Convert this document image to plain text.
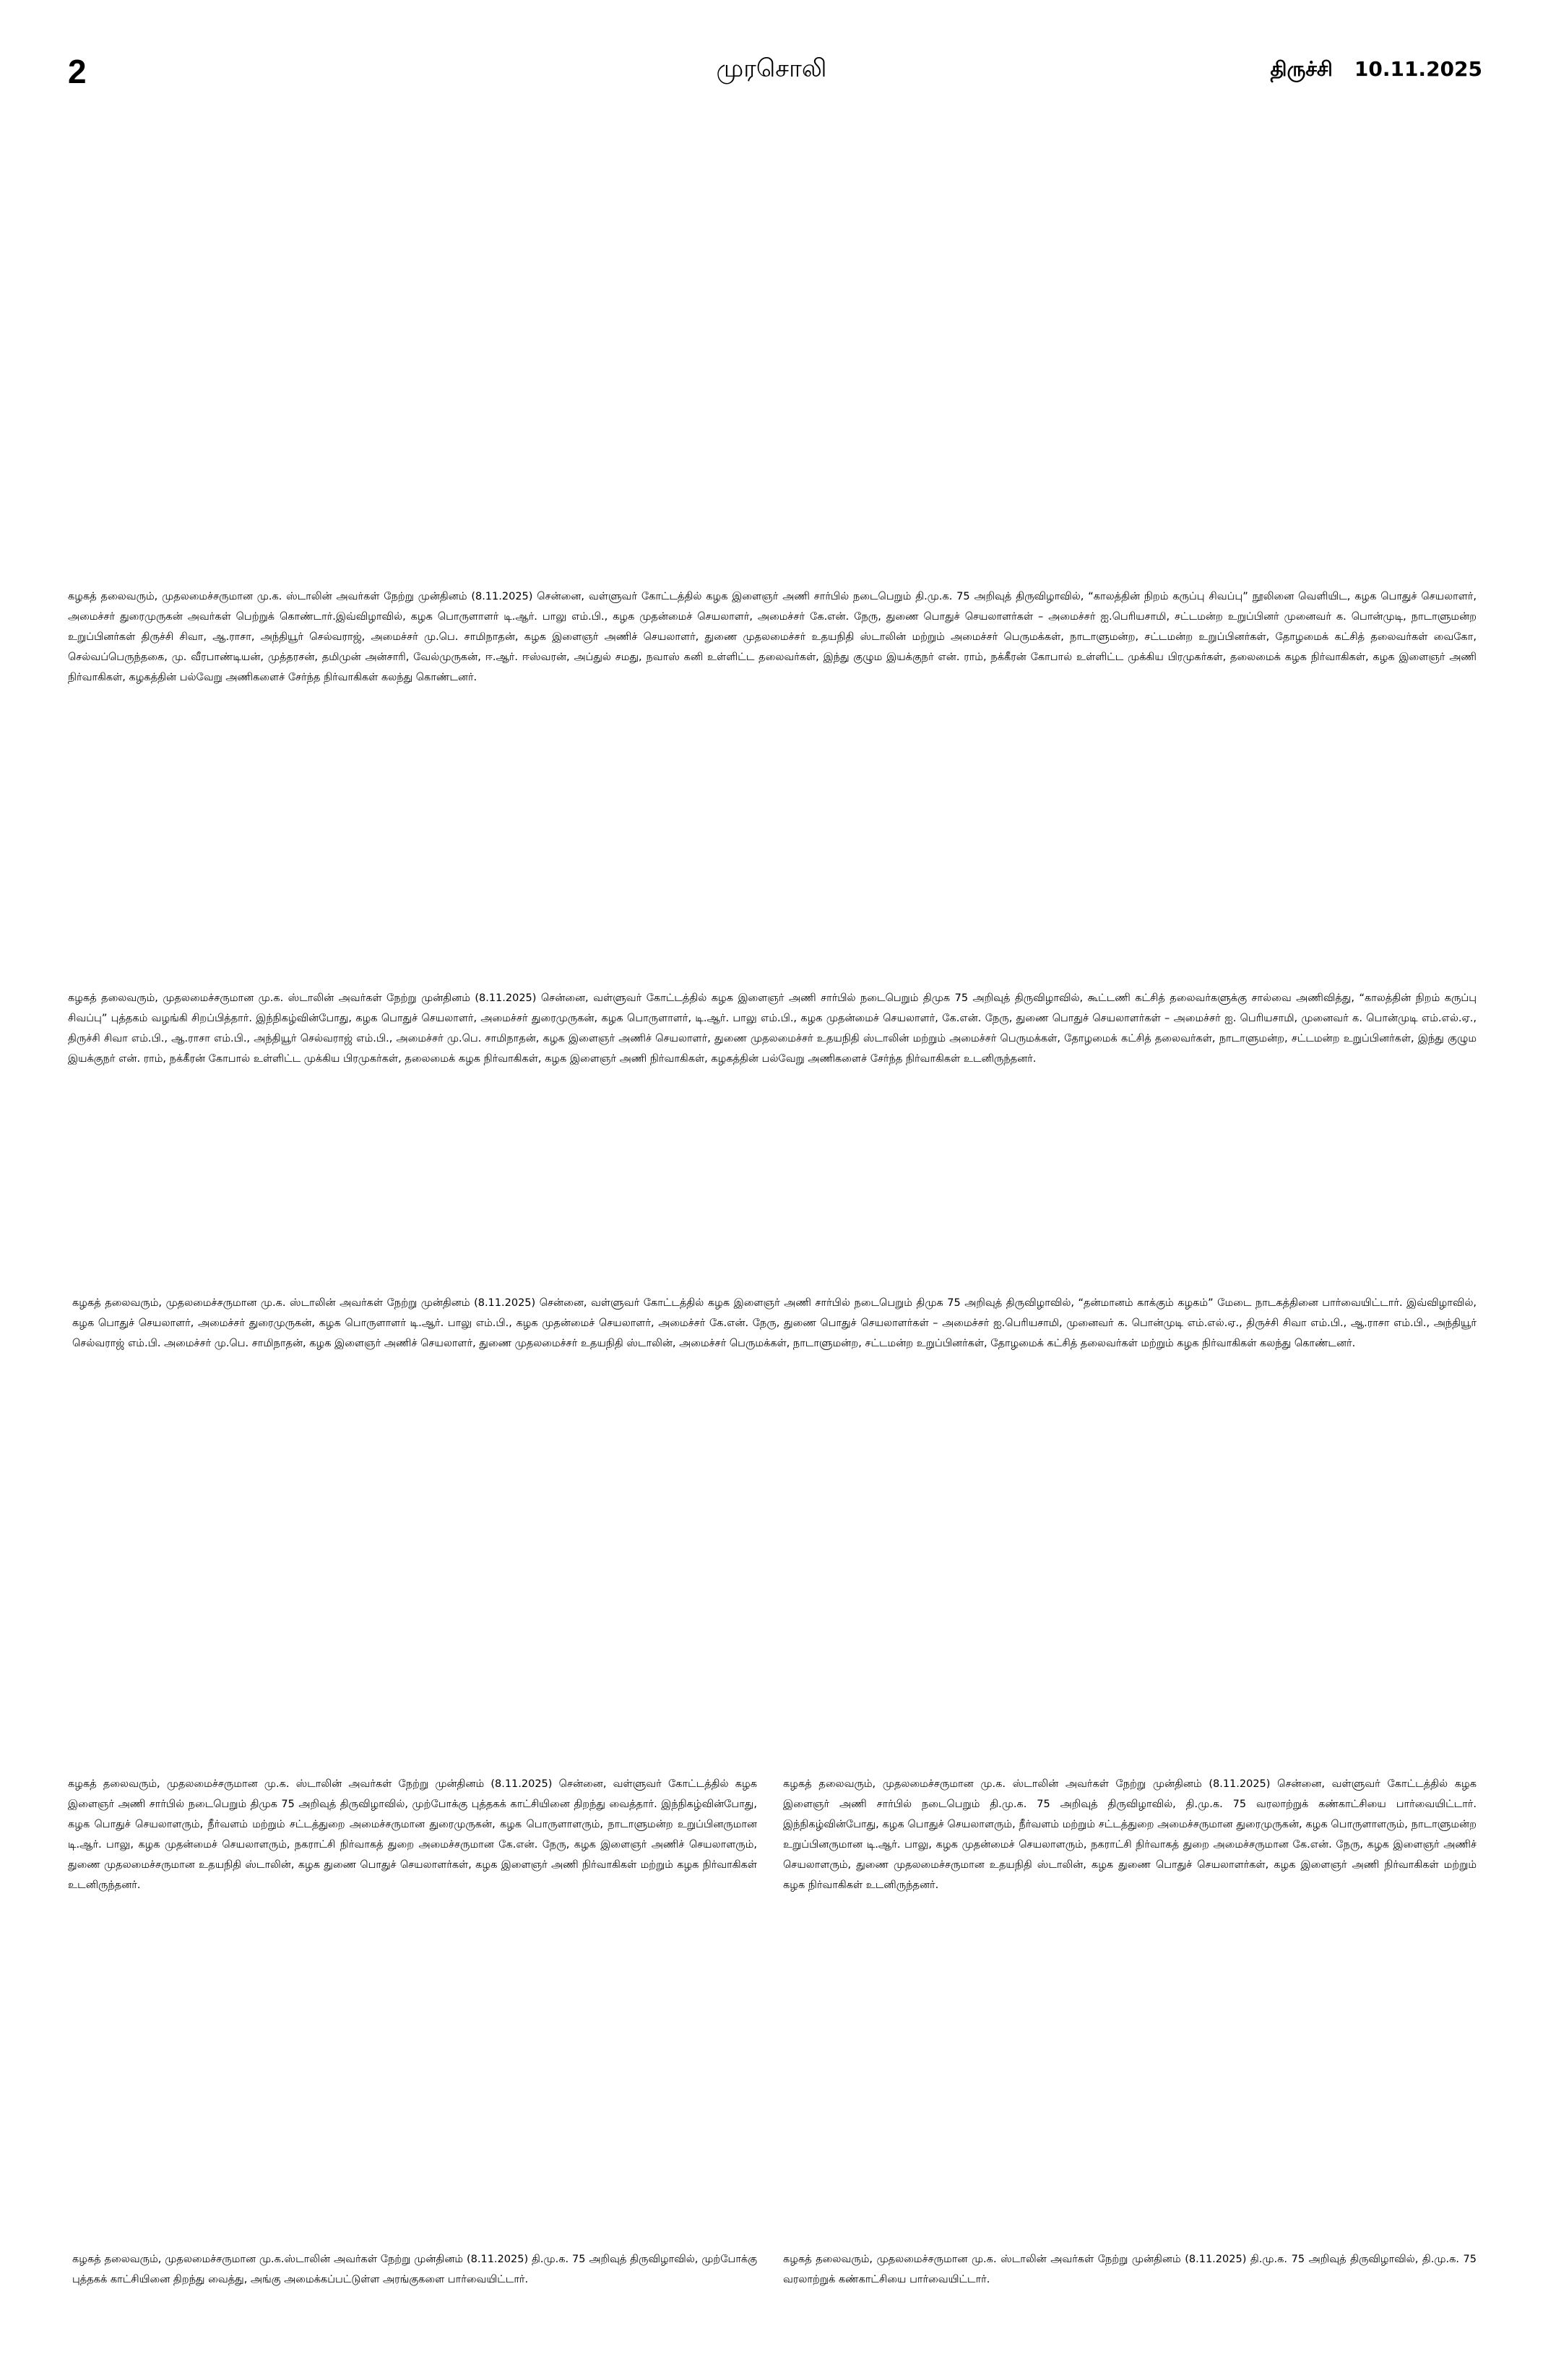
2	முரசொலி	திருச்சி 10.11.2025

கழகத் தலைவரும், முதலமைச்சருமான மு.க. ஸ்டாலின் அவர்கள் நேற்று முன்தினம் (8.11.2025) சென்னை, வள்ளுவர் கோட்டத்தில் கழக இளைஞர் அணி சார்பில் நடைபெறும் தி.மு.க. 75 அறிவுத் திருவிழாவில், “காலத்தின் நிறம் கருப்பு சிவப்பு” நூலினை வெளியிட, கழக பொதுச் செயலாளர், அமைச்சர் துரைமுருகன் அவர்கள் பெற்றுக் கொண்டார்.இவ்விழாவில், கழக பொருளாளர் டி.ஆர். பாலு எம்.பி., கழக முதன்மைச் செயலாளர், அமைச்சர் கே.என். நேரு, துணை பொதுச் செயலாளர்கள் – அமைச்சர் ஐ.பெரியசாமி, சட்டமன்ற உறுப்பினர் முனைவர் க. பொன்முடி, நாடாளுமன்ற உறுப்பினர்கள் திருச்சி சிவா, ஆ.ராசா, அந்தியூர் செல்வராஜ், அமைச்சர் மு.பெ. சாமிநாதன், கழக இளைஞர் அணிச் செயலாளர், துணை முதலமைச்சர் உதயநிதி ஸ்டாலின் மற்றும் அமைச்சர் பெருமக்கள், நாடாளுமன்ற, சட்டமன்ற உறுப்பினர்கள், தோழமைக் கட்சித் தலைவர்கள் வைகோ, செல்வப்பெருந்தகை, மு. வீரபாண்டியன், முத்தரசன், தமிமுன் அன்சாரி, வேல்முருகன், ஈ.ஆர். ஈஸ்வரன், அப்துல் சமது, நவாஸ் கனி உள்ளிட்ட தலைவர்கள், இந்து குழும இயக்குநர் என். ராம், நக்கீரன் கோபால் உள்ளிட்ட முக்கிய பிரமுகர்கள், தலைமைக் கழக நிர்வாகிகள், கழக இளைஞர் அணி நிர்வாகிகள், கழகத்தின் பல்வேறு அணிகளைச் சேர்ந்த நிர்வாகிகள் கலந்து கொண்டனர்.

கழகத் தலைவரும், முதலமைச்சருமான மு.க. ஸ்டாலின் அவர்கள் நேற்று முன்தினம் (8.11.2025) சென்னை, வள்ளுவர் கோட்டத்தில் கழக இளைஞர் அணி சார்பில் நடைபெறும் திமுக 75 அறிவுத் திருவிழாவில், கூட்டணி கட்சித் தலைவர்களுக்கு சால்வை அணிவித்து, “காலத்தின் நிறம் கருப்பு சிவப்பு” புத்தகம் வழங்கி சிறப்பித்தார். இந்நிகழ்வின்போது, கழக பொதுச் செயலாளர், அமைச்சர் துரைமுருகன், கழக பொருளாளர், டி.ஆர். பாலு எம்.பி., கழக முதன்மைச் செயலாளர், கே.என். நேரு, துணை பொதுச் செயலாளர்கள் – அமைச்சர் ஐ. பெரியசாமி, முனைவர் க. பொன்முடி எம்.எல்.ஏ., திருச்சி சிவா எம்.பி., ஆ.ராசா எம்.பி., அந்தியூர் செல்வராஜ் எம்.பி., அமைச்சர் மு.பெ. சாமிநாதன், கழக இளைஞர் அணிச் செயலாளர், துணை முதலமைச்சர் உதயநிதி ஸ்டாலின் மற்றும் அமைச்சர் பெருமக்கள், தோழமைக் கட்சித் தலைவர்கள், நாடாளுமன்ற, சட்டமன்ற உறுப்பினர்கள், இந்து குழும இயக்குநர் என். ராம், நக்கீரன் கோபால் உள்ளிட்ட முக்கிய பிரமுகர்கள், தலைமைக் கழக நிர்வாகிகள், கழக இளைஞர் அணி நிர்வாகிகள், கழகத்தின் பல்வேறு அணிகளைச் சேர்ந்த நிர்வாகிகள் உடனிருந்தனர்.

கழகத் தலைவரும், முதலமைச்சருமான மு.க. ஸ்டாலின் அவர்கள் நேற்று முன்தினம் (8.11.2025) சென்னை, வள்ளுவர் கோட்டத்தில் கழக இளைஞர் அணி சார்பில் நடைபெறும் திமுக 75 அறிவுத் திருவிழாவில், “தன்மானம் காக்கும் கழகம்” மேடை நாடகத்தினை பார்வையிட்டார். இவ்விழாவில், கழக பொதுச் செயலாளர், அமைச்சர் துரைமுருகன், கழக பொருளாளர் டி.ஆர். பாலு எம்.பி., கழக முதன்மைச் செயலாளர், அமைச்சர் கே.என். நேரு, துணை பொதுச் செயலாளர்கள் – அமைச்சர் ஐ.பெரியசாமி, முனைவர் க. பொன்முடி எம்.எல்.ஏ., திருச்சி சிவா எம்.பி., ஆ.ராசா எம்.பி., அந்தியூர் செல்வராஜ் எம்.பி. அமைச்சர் மு.பெ. சாமிநாதன், கழக இளைஞர் அணிச் செயலாளர், துணை முதலமைச்சர் உதயநிதி ஸ்டாலின், அமைச்சர் பெருமக்கள், நாடாளுமன்ற, சட்டமன்ற உறுப்பினர்கள், தோழமைக் கட்சித் தலைவர்கள் மற்றும் கழக நிர்வாகிகள் கலந்து கொண்டனர்.

கழகத் தலைவரும், முதலமைச்சருமான மு.க. ஸ்டாலின் அவர்கள் நேற்று முன்தினம் (8.11.2025) சென்னை, வள்ளுவர் கோட்டத்தில் கழக இளைஞர் அணி சார்பில் நடைபெறும் திமுக 75 அறிவுத் திருவிழாவில், முற்போக்கு புத்தகக் காட்சியினை திறந்து வைத்தார். இந்நிகழ்வின்போது, கழக பொதுச் செயலாளரும், நீர்வளம் மற்றும் சட்டத்துறை அமைச்சருமான துரைமுருகன், கழக பொருளாளரும், நாடாளுமன்ற உறுப்பினருமான டி.ஆர். பாலு, கழக முதன்மைச் செயலாளரும், நகராட்சி நிர்வாகத் துறை அமைச்சருமான கே.என். நேரு, கழக இளைஞர் அணிச் செயலாளரும், துணை முதலமைச்சருமான உதயநிதி ஸ்டாலின், கழக துணை பொதுச் செயலாளர்கள், கழக இளைஞர் அணி நிர்வாகிகள் மற்றும் கழக நிர்வாகிகள் உடனிருந்தனர்.

கழகத் தலைவரும், முதலமைச்சருமான மு.க. ஸ்டாலின் அவர்கள் நேற்று முன்தினம் (8.11.2025) சென்னை, வள்ளுவர் கோட்டத்தில் கழக இளைஞர் அணி சார்பில் நடைபெறும் தி.மு.க. 75 அறிவுத் திருவிழாவில், தி.மு.க. 75 வரலாற்றுக் கண்காட்சியை பார்வையிட்டார். இந்நிகழ்வின்போது, கழக பொதுச் செயலாளரும், நீர்வளம் மற்றும் சட்டத்துறை அமைச்சருமான துரைமுருகன், கழக பொருளாளரும், நாடாளுமன்ற உறுப்பினருமான டி.ஆர். பாலு, கழக முதன்மைச் செயலாளரும், நகராட்சி நிர்வாகத் துறை அமைச்சருமான கே.என். நேரு, கழக இளைஞர் அணிச் செயலாளரும், துணை முதலமைச்சருமான உதயநிதி ஸ்டாலின், கழக துணை பொதுச் செயலாளர்கள், கழக இளைஞர் அணி நிர்வாகிகள் மற்றும் கழக நிர்வாகிகள் உடனிருந்தனர்.

கழகத் தலைவரும், முதலமைச்சருமான மு.க.ஸ்டாலின் அவர்கள் நேற்று முன்தினம் (8.11.2025) தி.மு.க. 75 அறிவுத் திருவிழாவில், முற்போக்கு புத்தகக் காட்சியினை திறந்து வைத்து, அங்கு அமைக்கப்பட்டுள்ள அரங்குகளை பார்வையிட்டார்.

கழகத் தலைவரும், முதலமைச்சருமான மு.க. ஸ்டாலின் அவர்கள் நேற்று முன்தினம் (8.11.2025) தி.மு.க. 75 அறிவுத் திருவிழாவில், தி.மு.க. 75 வரலாற்றுக் கண்காட்சியை பார்வையிட்டார்.
